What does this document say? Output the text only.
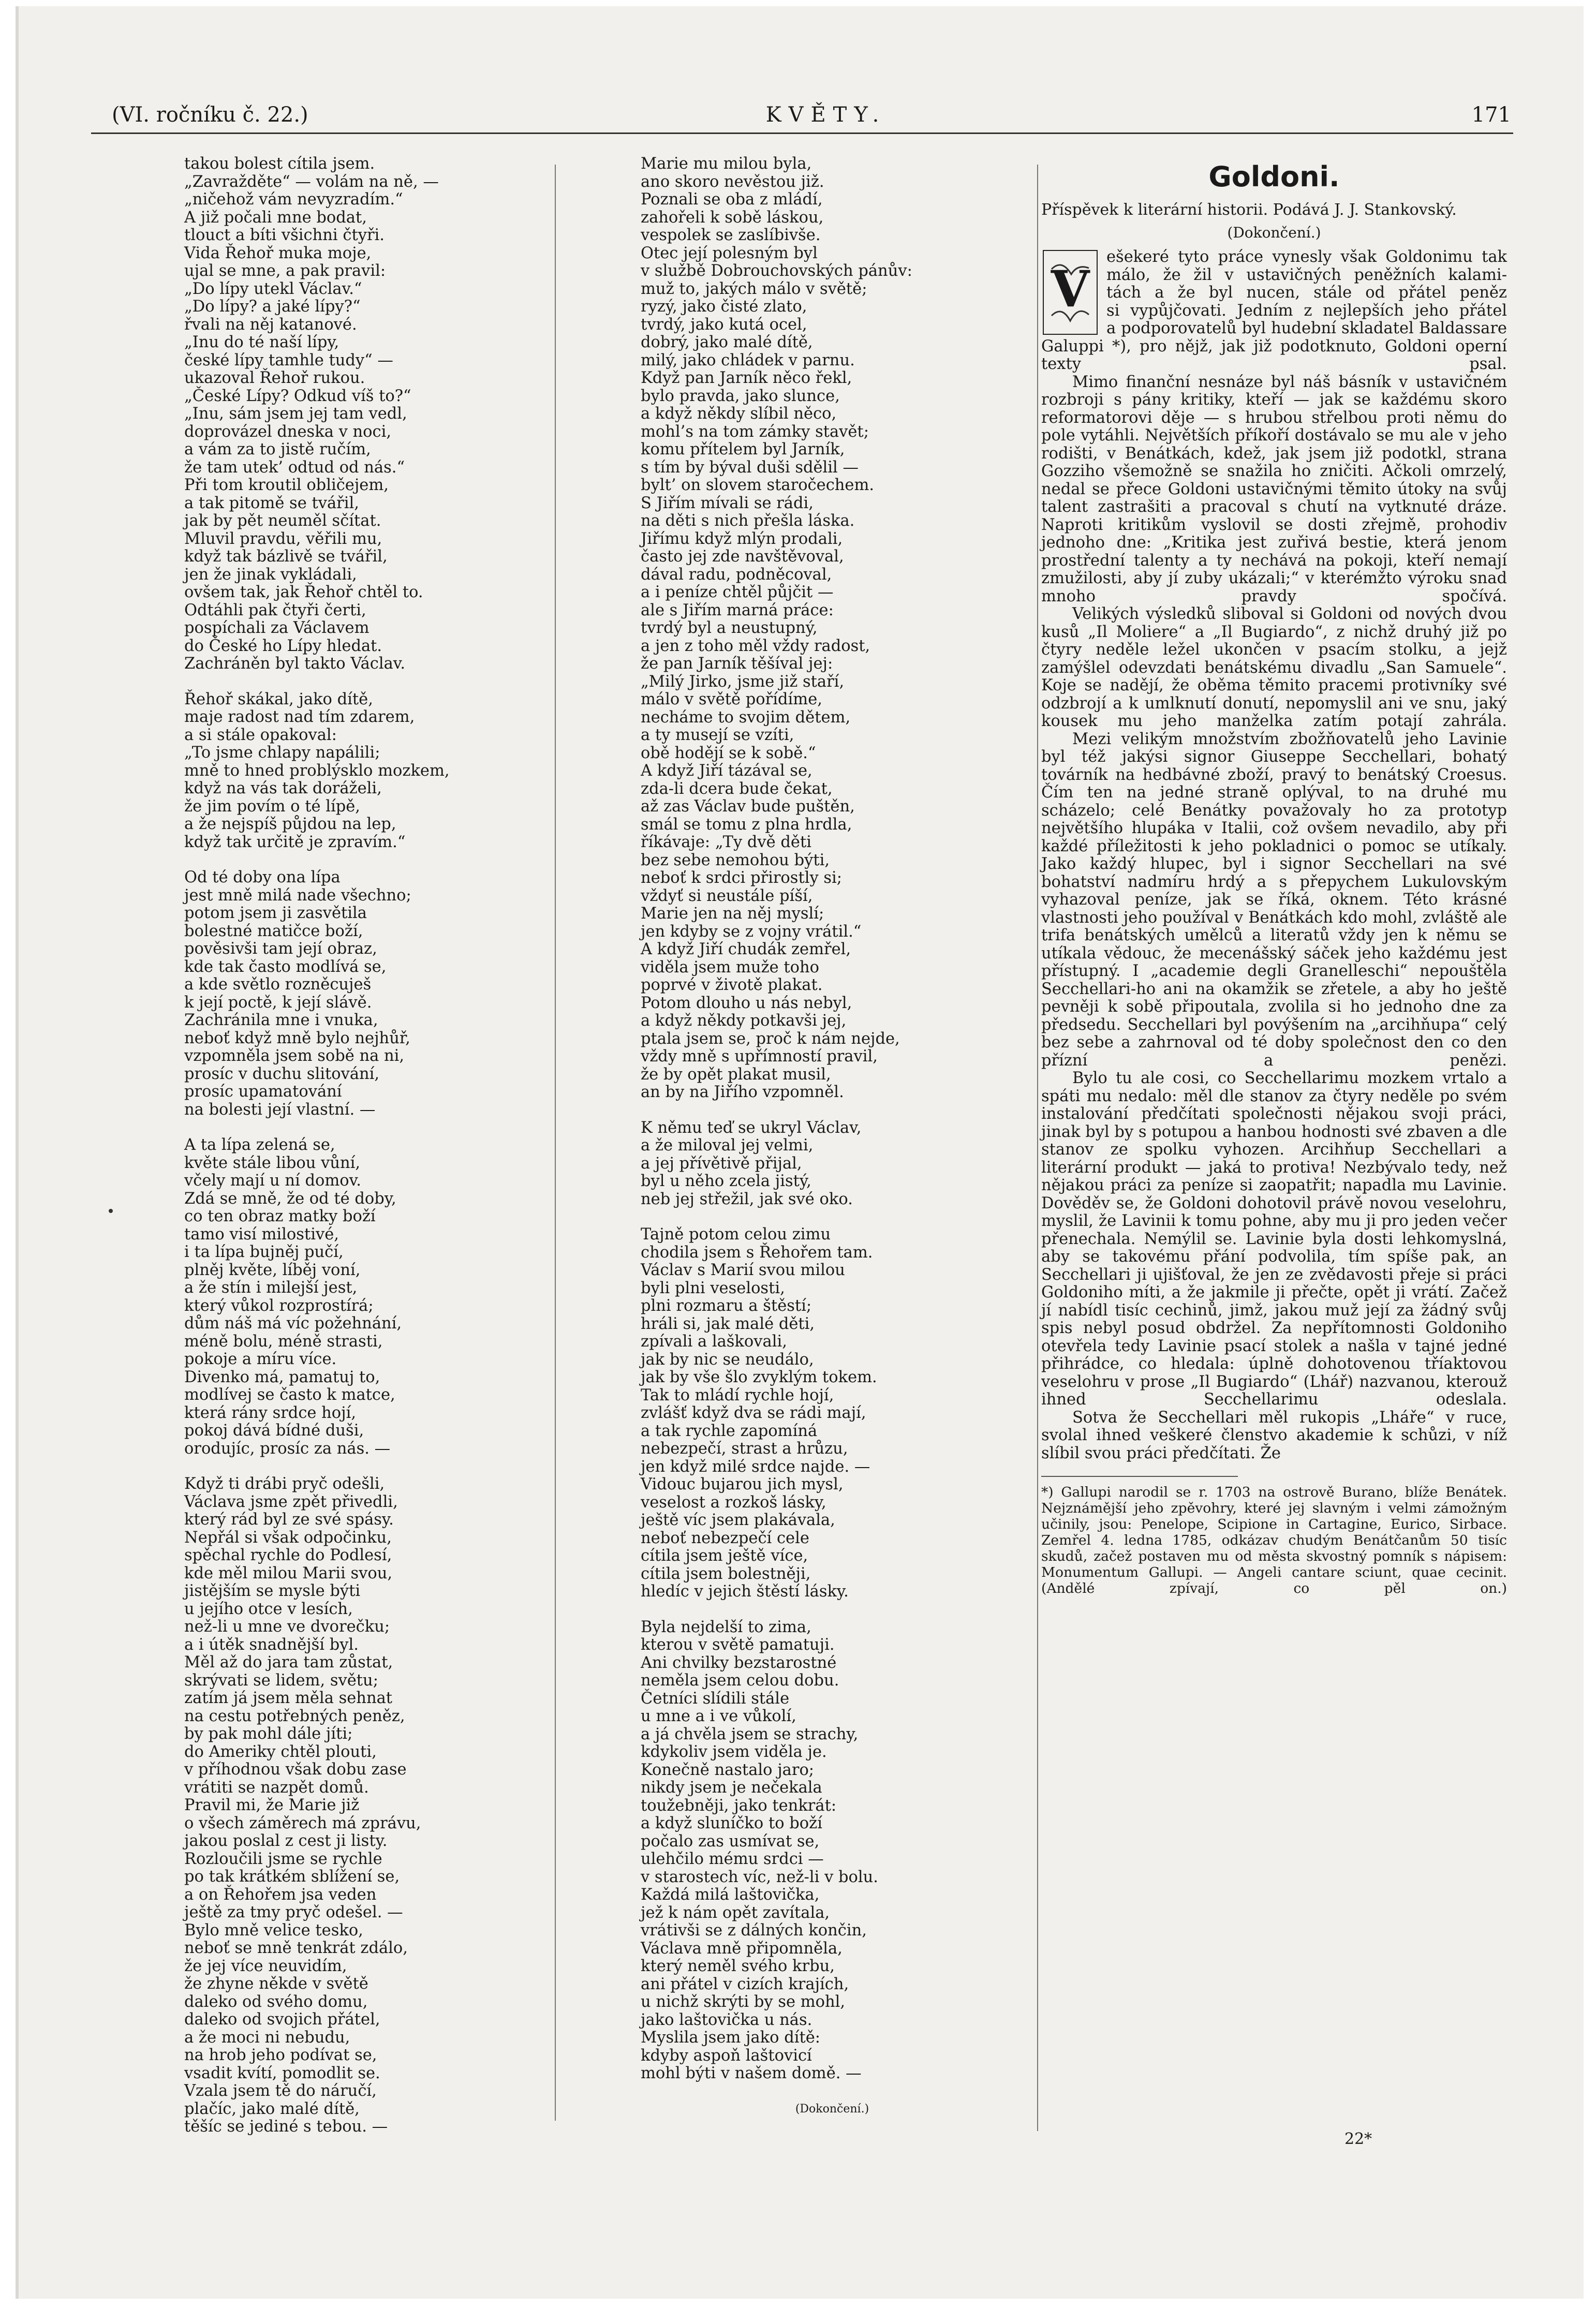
(VI. ročníku č. 22.)	KVĚTY.	171

takou bolest cítila jsem.

„Zavražděte“ — volám na ně, —

„ničehož vám nevyzradím.“

A již počali mne bodat,

tlouct a bíti všichni čtyři.

Vida Řehoř muka moje,

ujal se mne, a pak pravil:

„Do lípy utekl Václav.“

„Do lípy? a jaké lípy?“

řvali na něj katanové.

„Inu do té naší lípy,

české lípy tamhle tudy“ —

ukazoval Řehoř rukou.

„České Lípy? Odkud víš to?“

„Inu, sám jsem jej tam vedl,

doprovázel dneska v noci,

a vám za to jistě ručím,

že tam utek’ odtud od nás.“

Při tom kroutil obličejem,

a tak pitomě se tvářil,

jak by pět neuměl sčítat.

Mluvil pravdu, věřili mu,

když tak bázlivě se tvářil,

jen že jinak vykládali,

ovšem tak, jak Řehoř chtěl to.

Odtáhli pak čtyři čerti,

pospíchali za Václavem

do České ho Lípy hledat.

Zachráněn byl takto Václav.

Řehoř skákal, jako dítě,

maje radost nad tím zdarem,

a si stále opakoval:

„To jsme chlapy napálili;

mně to hned problýsklo mozkem,

když na vás tak doráželi,

že jim povím o té lípě,

a že nejspíš půjdou na lep,

když tak určitě je zpravím.“

Od té doby ona lípa

jest mně milá nade všechno;

potom jsem ji zasvětila

bolestné matičce boží,

pověsivši tam její obraz,

kde tak často modlívá se,

a kde světlo rozněcuješ

k její poctě, k její slávě.

Zachránila mne i vnuka,

neboť když mně bylo nejhůř,

vzpomněla jsem sobě na ni,

prosíc v duchu slitování,

prosíc upamatování

na bolesti její vlastní. —

A ta lípa zelená se,

květe stále libou vůní,

včely mají u ní domov.

Zdá se mně, že od té doby,

co ten obraz matky boží

tamo visí milostivé,

i ta lípa bujněj pučí,

plněj květe, líběj voní,

a že stín i milejší jest,

který vůkol rozprostírá;

dům náš má víc požehnání,

méně bolu, méně strasti,

pokoje a míru více.

Divenko má, pamatuj to,

modlívej se často k matce,

která rány srdce hojí,

pokoj dává bídné duši,

orodujíc, prosíc za nás. —

Když ti drábi pryč odešli,

Václava jsme zpět přivedli,

který rád byl ze své spásy.

Nepřál si však odpočinku,

spěchal rychle do Podlesí,

kde měl milou Marii svou,

jistějším se mysle býti

u jejího otce v lesích,

než-li u mne ve dvorečku;

a i útěk snadnější byl.

Měl až do jara tam zůstat,

skrývati se lidem, světu;

zatím já jsem měla sehnat

na cestu potřebných peněz,

by pak mohl dále jíti;

do Ameriky chtěl plouti,

v příhodnou však dobu zase

vrátiti se nazpět domů.

Pravil mi, že Marie již

o všech záměrech má zprávu,

jakou poslal z cest ji listy.

Rozloučili jsme se rychle

po tak krátkém sblížení se,

a on Řehořem jsa veden

ještě za tmy pryč odešel. —

Bylo mně velice tesko,

neboť se mně tenkrát zdálo,

že jej více neuvidím,

že zhyne někde v světě

daleko od svého domu,

daleko od svojich přátel,

a že moci ni nebudu,

na hrob jeho podívat se,

vsadit kvítí, pomodlit se.

Vzala jsem tě do náručí,

plačíc, jako malé dítě,

těšíc se jediné s tebou. —

Marie mu milou byla,

ano skoro nevěstou již.

Poznali se oba z mládí,

zahořeli k sobě láskou,

vespolek se zaslíbivše.

Otec její polesným byl

v službě Dobrouchovských pánův:

muž to, jakých málo v světě;

ryzý, jako čisté zlato,

tvrdý, jako kutá ocel,

dobrý, jako malé dítě,

milý, jako chládek v parnu.

Když pan Jarník něco řekl,

bylo pravda, jako slunce,

a když někdy slíbil něco,

mohl’s na tom zámky stavět;

komu přítelem byl Jarník,

s tím by býval duši sdělil —

bylt’ on slovem staročechem.

S Jiřím mívali se rádi,

na děti s nich přešla láska.

Jiřímu když mlýn prodali,

často jej zde navštěvoval,

dával radu, podněcoval,

a i peníze chtěl půjčit —

ale s Jiřím marná práce:

tvrdý byl a neustupný,

a jen z toho měl vždy radost,

že pan Jarník těšíval jej:

„Milý Jirko, jsme již staří,

málo v světě pořídíme,

necháme to svojim dětem,

a ty musejí se vzíti,

obě hodějí se k sobě.“

A když Jiří tázával se,

zda-li dcera bude čekat,

až zas Václav bude puštěn,

smál se tomu z plna hrdla,

říkávaje: „Ty dvě děti

bez sebe nemohou býti,

neboť k srdci přirostly si;

vždyť si neustále píší,

Marie jen na něj myslí;

jen kdyby se z vojny vrátil.“

A když Jiří chudák zemřel,

viděla jsem muže toho

poprvé v životě plakat.

Potom dlouho u nás nebyl,

a když někdy potkavši jej,

ptala jsem se, proč k nám nejde,

vždy mně s upřímností pravil,

že by opět plakat musil,

an by na Jiřího vzpomněl.

K němu teď se ukryl Václav,

a že miloval jej velmi,

a jej přívětivě přijal,

byl u něho zcela jistý,

neb jej střežil, jak své oko.

Tajně potom celou zimu

chodila jsem s Řehořem tam.

Václav s Marií svou milou

byli plni veselosti,

plni rozmaru a štěstí;

hráli si, jak malé děti,

zpívali a laškovali,

jak by nic se neudálo,

jak by vše šlo zvyklým tokem.

Tak to mládí rychle hojí,

zvlášť když dva se rádi mají,

a tak rychle zapomíná

nebezpečí, strast a hrůzu,

jen když milé srdce najde. —

Vidouc bujarou jich mysl,

veselost a rozkoš lásky,

ještě víc jsem plakávala,

neboť nebezpečí cele

cítila jsem ještě více,

cítila jsem bolestněji,

hledíc v jejich štěstí lásky.

Byla nejdelší to zima,

kterou v světě pamatuji.

Ani chvilky bezstarostné

neměla jsem celou dobu.

Četníci slídili stále

u mne a i ve vůkolí,

a já chvěla jsem se strachy,

kdykoliv jsem viděla je.

Konečně nastalo jaro;

nikdy jsem je nečekala

toužebněji, jako tenkrát:

a když sluníčko to boží

počalo zas usmívat se,

ulehčilo mému srdci —

v starostech víc, než-li v bolu.

Každá milá laštovička,

jež k nám opět zavítala,

vrátivši se z dálných končin,

Václava mně připomněla,

který neměl svého krbu,

ani přátel v cizích krajích,

u nichž skrýti by se mohl,

jako laštovička u nás.

Myslila jsem jako dítě:

kdyby aspoň laštovicí

mohl býti v našem domě. —

(Dokončení.)

Goldoni.
Příspěvek k literární historii. Podává J. J. Stankovský.
(Dokončení.)
V

ešekeré tyto práce vynesly však Goldonimu tak

málo, že žil v ustavičných peněžních kalami-

tách a že byl nucen, stále od přátel peněz

si vypůjčovati. Jedním z nejlepších jeho přátel

a podporovatelů byl hudební skladatel Baldassare Galuppi *), pro nějž, jak již podotknuto, Goldoni operní texty psal.

Mimo finanční nesnáze byl náš básník v ustavičném rozbroji s pány kritiky, kteří — jak se každému skoro reformatorovi děje — s hrubou střelbou proti němu do pole vytáhli. Největších příkoří dostávalo se mu ale v jeho rodišti, v Benátkách, kdež, jak jsem již podotkl, strana Gozziho všemožně se snažila ho zničiti. Ačkoli omrzelý, nedal se přece Goldoni ustavičnými těmito útoky na svůj talent zastrašiti a pracoval s chutí na vytknuté dráze. Naproti kritikům vyslovil se dosti zřejmě, prohodiv jednoho dne: „Kritika jest zuřivá bestie, která jenom prostřední talenty a ty nechává na pokoji, kteří nemají zmužilosti, aby jí zuby ukázali;“ v kterémžto výroku snad mnoho pravdy spočívá.

Velikých výsledků sliboval si Goldoni od nových dvou kusů „Il Moliere“ a „Il Bugiardo“, z nichž druhý již po čtyry neděle ležel ukončen v psacím stolku, a jejž zamýšlel odevzdati benátskému divadlu „San Samuele“. Koje se nadějí, že oběma těmito pracemi protivníky své odzbrojí a k umlknutí donutí, nepomyslil ani ve snu, jaký kousek mu jeho manželka zatím potají zahrála.

Mezi velikým množstvím zbožňovatelů jeho Lavinie byl též jakýsi signor Giuseppe Secchellari, bohatý továrník na hedbávné zboží, pravý to benátský Croesus. Čím ten na jedné straně oplýval, to na druhé mu scházelo; celé Benátky považovaly ho za prototyp největšího hlupáka v Italii, což ovšem nevadilo, aby při každé příležitosti k jeho pokladnici o pomoc se utíkaly. Jako každý hlupec, byl i signor Secchellari na své bohatství nadmíru hrdý a s přepychem Lukulovským vyhazoval peníze, jak se říká, oknem. Této krásné vlastnosti jeho používal v Benátkách kdo mohl, zvláště ale trifa benátských umělců a literatů vždy jen k němu se utíkala vědouc, že mecenášský sáček jeho každému jest přístupný. I „academie degli Granelleschi“ nepouštěla Secchellari-ho ani na okamžik se zřetele, a aby ho ještě pevněji k sobě připoutala, zvolila si ho jednoho dne za předsedu. Secchellari byl povýšením na „arcihňupa“ celý bez sebe a zahrnoval od té doby společnost den co den přízní a penězi.

Bylo tu ale cosi, co Secchellarimu mozkem vrtalo a spáti mu nedalo: měl dle stanov za čtyry neděle po svém instalování předčítati společnosti nějakou svoji práci, jinak byl by s potupou a hanbou hodnosti své zbaven a dle stanov ze spolku vyhozen. Arcihňup Secchellari a literární produkt — jaká to protiva! Nezbývalo tedy, než nějakou práci za peníze si zaopatřit; napadla mu Lavinie. Dověděv se, že Goldoni dohotovil právě novou veselohru, myslil, že Lavinii k tomu pohne, aby mu ji pro jeden večer přenechala. Nemýlil se. Lavinie byla dosti lehkomyslná, aby se takovému přání podvolila, tím spíše pak, an Secchellari ji ujišťoval, že jen ze zvědavosti přeje si práci Goldoniho míti, a že jakmile ji přečte, opět ji vrátí. Začež jí nabídl tisíc cechinů, jimž, jakou muž její za žádný svůj spis nebyl posud obdržel. Za nepřítomnosti Goldoniho otevřela tedy Lavinie psací stolek a našla v tajné jedné přihrádce, co hledala: úplně dohotovenou tříaktovou veselohru v prose „Il Bugiardo“ (Lhář) nazvanou, kterouž ihned Secchellarimu odeslala.

Sotva že Secchellari měl rukopis „Lháře“ v ruce, svolal ihned veškeré členstvo akademie k schůzi, v níž slíbil svou práci předčítati. Že

*) Gallupi narodil se r. 1703 na ostrově Burano, blíže Benátek. Nejznámější jeho zpěvohry, které jej slavným i velmi zámožným učinily, jsou: Penelope, Scipione in Cartagine, Eurico, Sirbace. Zemřel 4. ledna 1785, odkázav chudým Benátčanům 50 tisíc skudů, začež postaven mu od města skvostný pomník s nápisem: Monumentum Gallupi. — Angeli cantare sciunt, quae cecinit. (Andělé zpívají, co pěl on.)

22*
